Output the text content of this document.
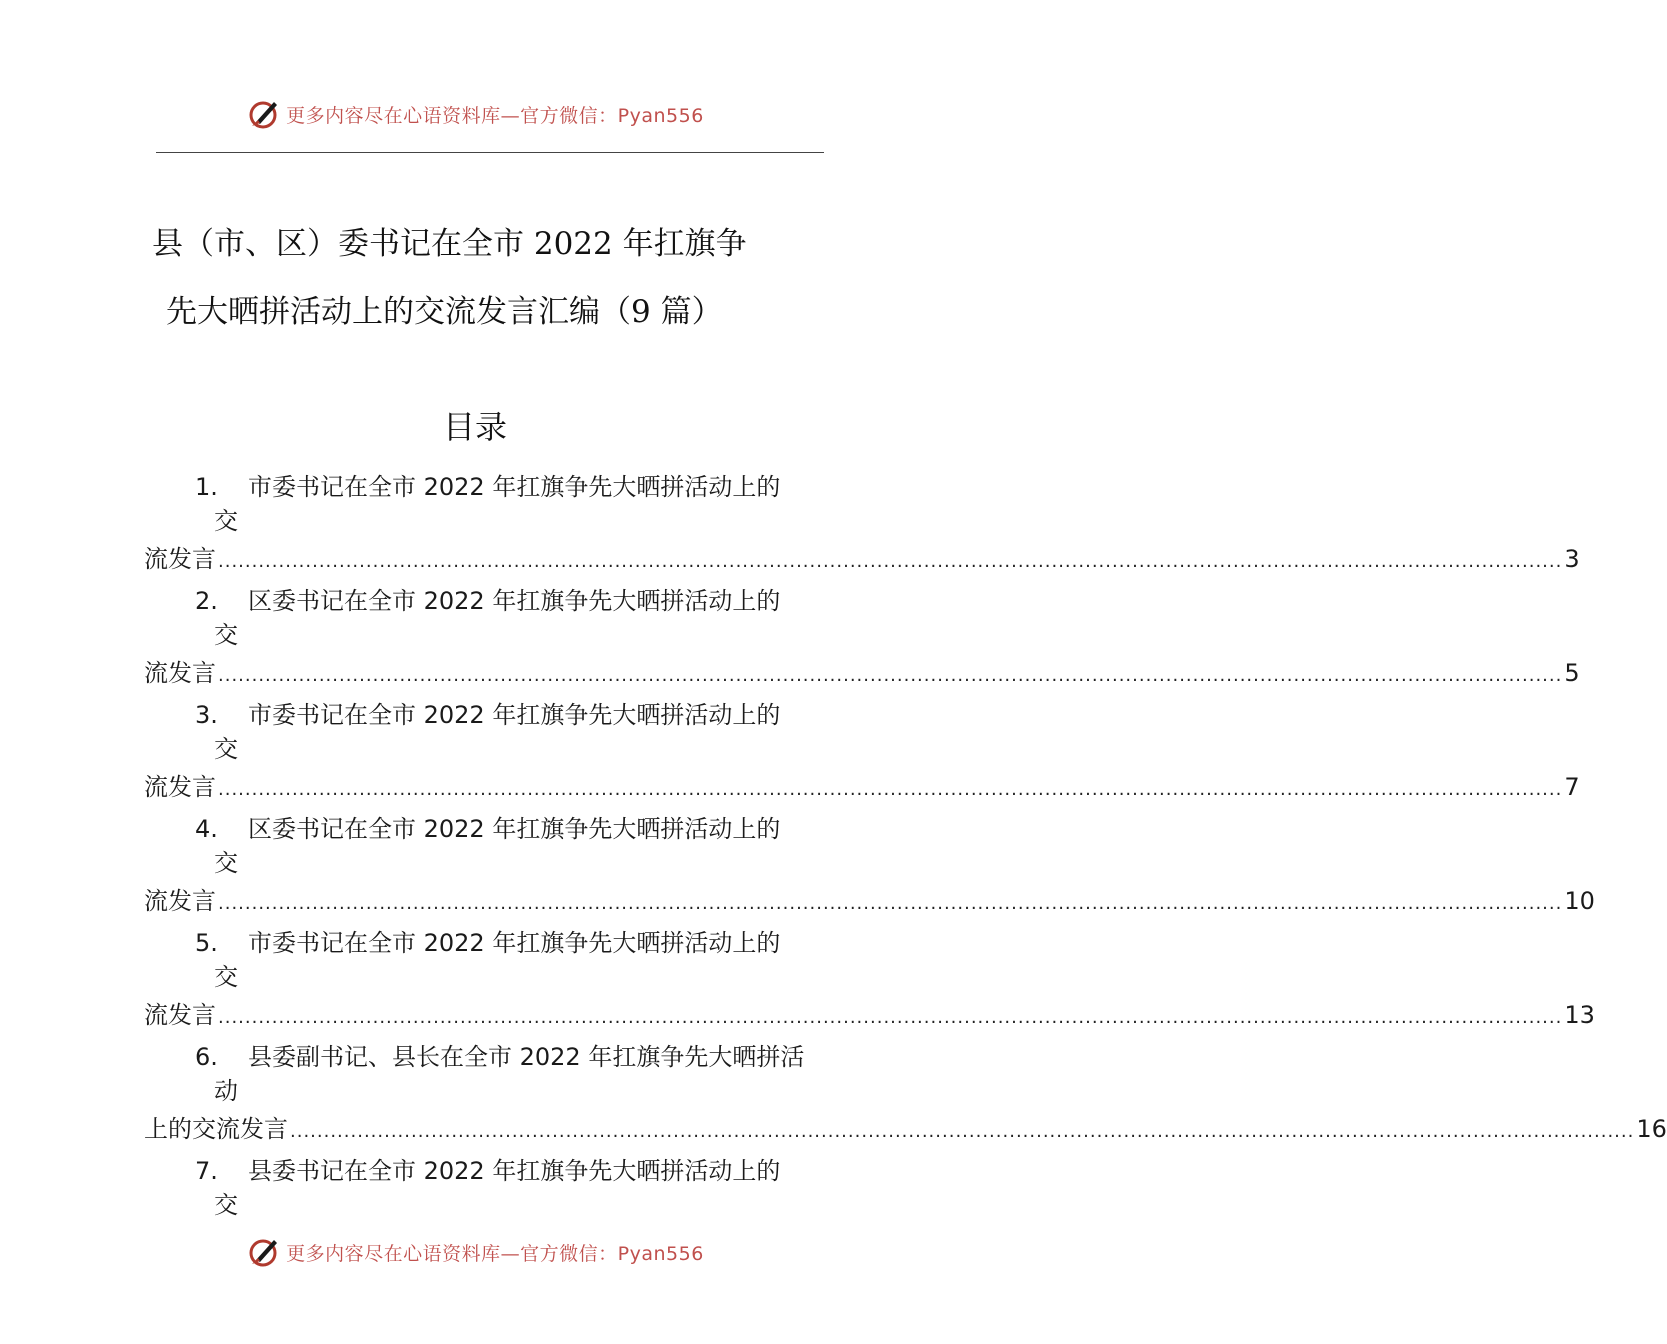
更多内容尽在心语资料库—官方微信：Pyan556
县（市、区）委书记在全市 2022 年扛旗争
先大晒拼活动上的交流发言汇编（9 篇）
目录
1. 市委书记在全市 2022 年扛旗争先大晒拼活动上的
交
流发言 ........................................................................................................................................................................................................ 3
2. 区委书记在全市 2022 年扛旗争先大晒拼活动上的
交
流发言 ........................................................................................................................................................................................................ 5
3. 市委书记在全市 2022 年扛旗争先大晒拼活动上的
交
流发言 ........................................................................................................................................................................................................ 7
4. 区委书记在全市 2022 年扛旗争先大晒拼活动上的
交
流发言 ........................................................................................................................................................................................................ 10
5. 市委书记在全市 2022 年扛旗争先大晒拼活动上的
交
流发言 ........................................................................................................................................................................................................ 13
6. 县委副书记、县长在全市 2022 年扛旗争先大晒拼活
动
上的交流发言 ........................................................................................................................................................................................................ 16
7. 县委书记在全市 2022 年扛旗争先大晒拼活动上的
交
更多内容尽在心语资料库—官方微信：Pyan556
